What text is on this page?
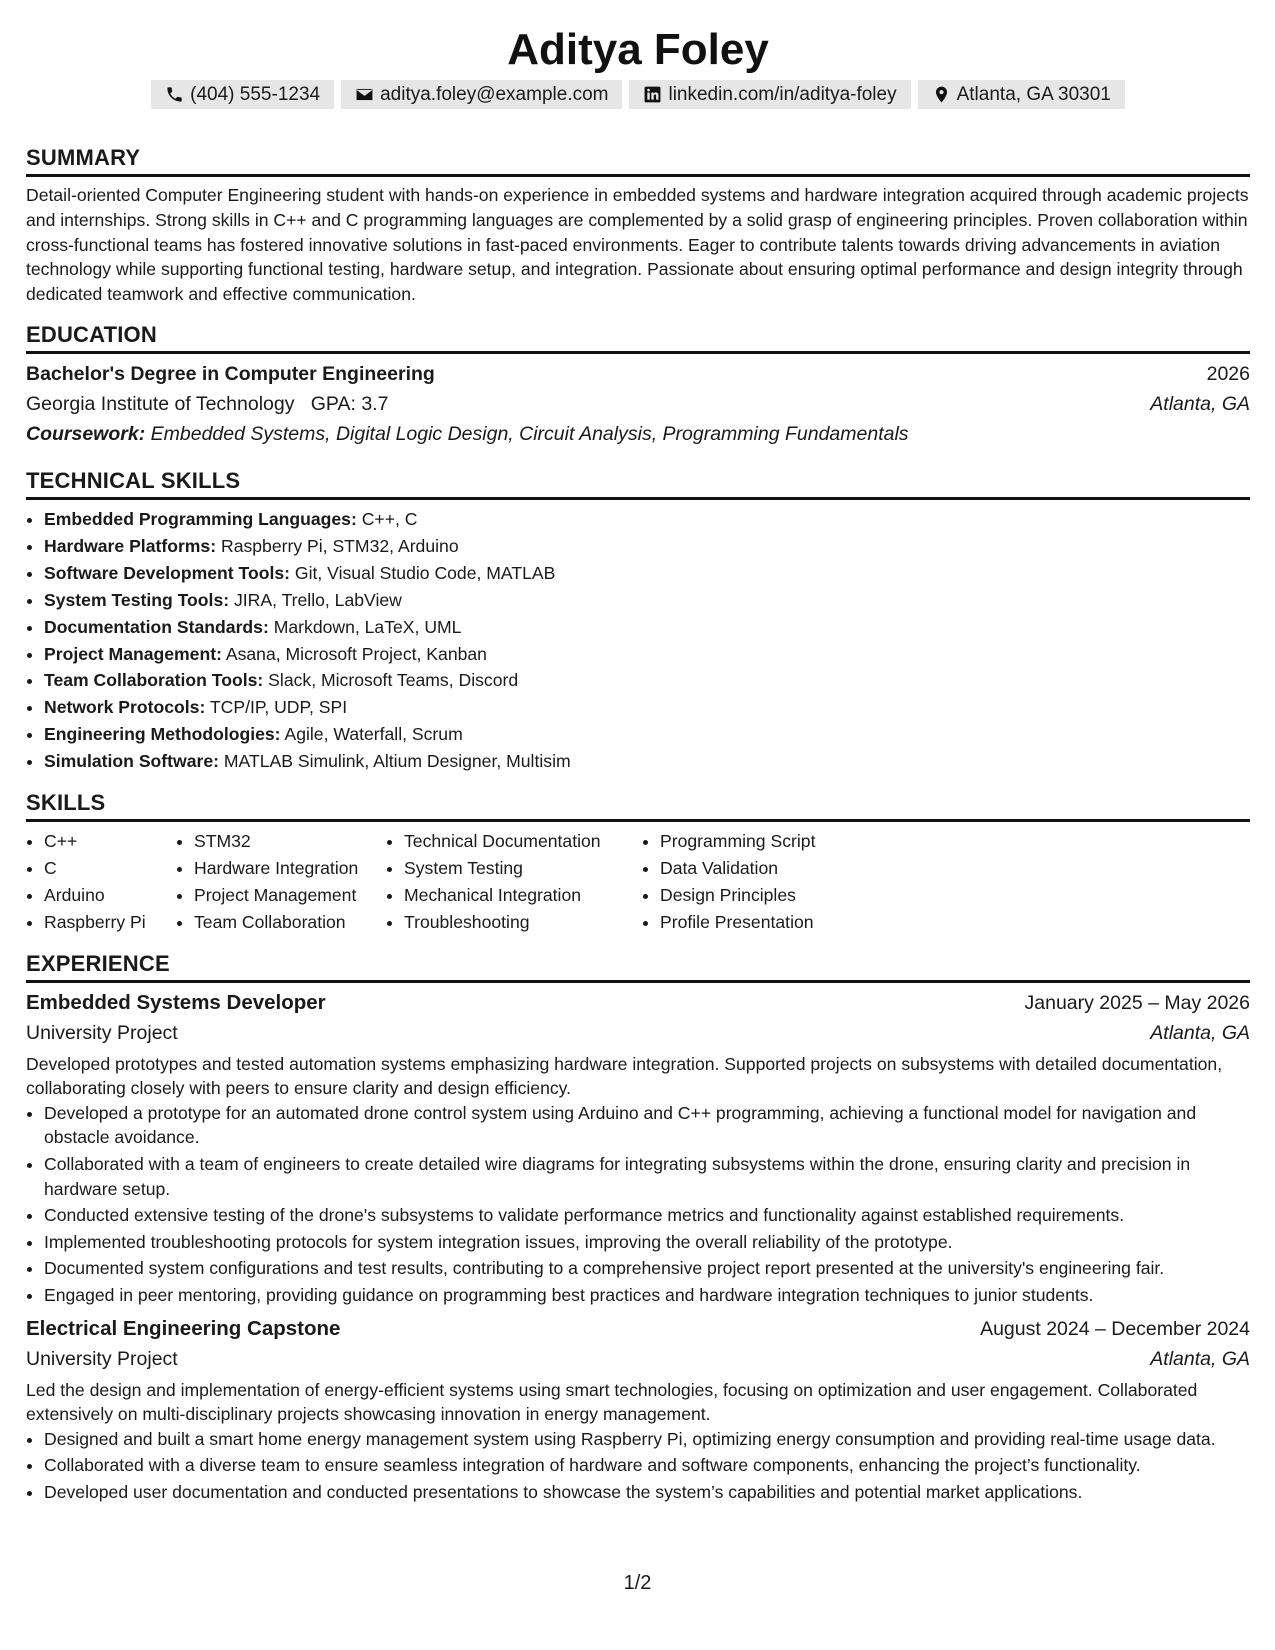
Aditya Foley
(404) 555-1234	aditya.foley@example.com	linkedin.com/in/aditya-foley	Atlanta, GA 30301
SUMMARY

Detail-oriented Computer Engineering student with hands-on experience in embedded systems and hardware integration acquired through academic projects and internships. Strong skills in C++ and C programming languages are complemented by a solid grasp of engineering principles. Proven collaboration within cross-functional teams has fostered innovative solutions in fast-paced environments. Eager to contribute talents towards driving advancements in aviation technology while supporting functional testing, hardware setup, and integration. Passionate about ensuring optimal performance and design integrity through dedicated teamwork and effective communication.

EDUCATION
Bachelor's Degree in Computer Engineering	2026
Georgia Institute of Technology GPA: 3.7	Atlanta, GA
Coursework: Embedded Systems, Digital Logic Design, Circuit Analysis, Programming Fundamentals
TECHNICAL SKILLS
• Embedded Programming Languages: C++, C
• Hardware Platforms: Raspberry Pi, STM32, Arduino
• Software Development Tools: Git, Visual Studio Code, MATLAB
• System Testing Tools: JIRA, Trello, LabView
• Documentation Standards: Markdown, LaTeX, UML
• Project Management: Asana, Microsoft Project, Kanban
• Team Collaboration Tools: Slack, Microsoft Teams, Discord
• Network Protocols: TCP/IP, UDP, SPI
• Engineering Methodologies: Agile, Waterfall, Scrum
• Simulation Software: MATLAB Simulink, Altium Designer, Multisim
SKILLS
• C++
• C
• Arduino
• Raspberry Pi
• STM32
• Hardware Integration
• Project Management
• Team Collaboration
• Technical Documentation
• System Testing
• Mechanical Integration
• Troubleshooting
• Programming Script
• Data Validation
• Design Principles
• Profile Presentation
EXPERIENCE
Embedded Systems Developer	January 2025 – May 2026
University Project	Atlanta, GA

Developed prototypes and tested automation systems emphasizing hardware integration. Supported projects on subsystems with detailed documentation, collaborating closely with peers to ensure clarity and design efficiency.

• Developed a prototype for an automated drone control system using Arduino and C++ programming, achieving a functional model for navigation and obstacle avoidance.
• Collaborated with a team of engineers to create detailed wire diagrams for integrating subsystems within the drone, ensuring clarity and precision in hardware setup.
• Conducted extensive testing of the drone's subsystems to validate performance metrics and functionality against established requirements.
• Implemented troubleshooting protocols for system integration issues, improving the overall reliability of the prototype.
• Documented system configurations and test results, contributing to a comprehensive project report presented at the university's engineering fair.
• Engaged in peer mentoring, providing guidance on programming best practices and hardware integration techniques to junior students.
Electrical Engineering Capstone	August 2024 – December 2024
University Project	Atlanta, GA

Led the design and implementation of energy-efficient systems using smart technologies, focusing on optimization and user engagement. Collaborated extensively on multi-disciplinary projects showcasing innovation in energy management.

• Designed and built a smart home energy management system using Raspberry Pi, optimizing energy consumption and providing real-time usage data.
• Collaborated with a diverse team to ensure seamless integration of hardware and software components, enhancing the project’s functionality.
• Developed user documentation and conducted presentations to showcase the system’s capabilities and potential market applications.
1/2
